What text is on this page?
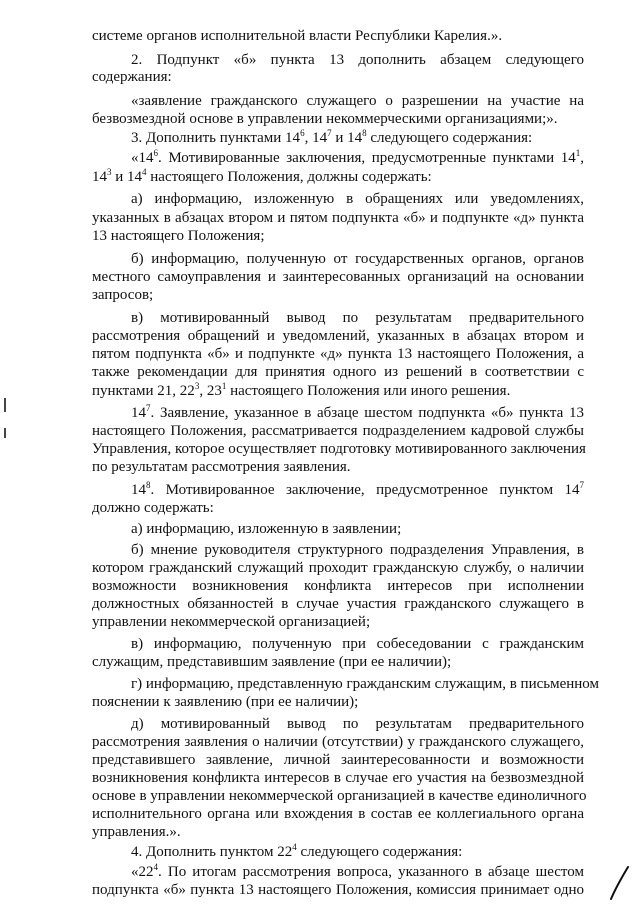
системе органов исполнительной власти Республики Карелия.».
2. Подпункт «б» пункта 13 дополнить абзацем следующего
содержания:
«заявление гражданского служащего о разрешении на участие на
безвозмездной основе в управлении некоммерческими организациями;».
3. Дополнить пунктами $14^6$, $14^7$ и $14^8$ следующего содержания:
«$14^6$. Мотивированные заключения, предусмотренные пунктами $14^1$,
$14^3$ и $14^4$ настоящего Положения, должны содержать:
а) информацию, изложенную в обращениях или уведомлениях,
указанных в абзацах втором и пятом подпункта «б» и подпункте «д» пункта
13 настоящего Положения;
б) информацию, полученную от государственных органов, органов
местного самоуправления и заинтересованных организаций на основании
запросов;
в) мотивированный вывод по результатам предварительного
рассмотрения обращений и уведомлений, указанных в абзацах втором и
пятом подпункта «б» и подпункте «д» пункта 13 настоящего Положения, а
также рекомендации для принятия одного из решений в соответствии с
пунктами 21, $22^3$, $23^1$ настоящего Положения или иного решения.
$14^7$. Заявление, указанное в абзаце шестом подпункта «б» пункта 13
настоящего Положения, рассматривается подразделением кадровой службы
Управления, которое осуществляет подготовку мотивированного заключения
по результатам рассмотрения заявления.
$14^8$. Мотивированное заключение, предусмотренное пунктом $14^7$
должно содержать:
а) информацию, изложенную в заявлении;
б) мнение руководителя структурного подразделения Управления, в
котором гражданский служащий проходит гражданскую службу, о наличии
возможности возникновения конфликта интересов при исполнении
должностных обязанностей в случае участия гражданского служащего в
управлении некоммерческой организацией;
в) информацию, полученную при собеседовании с гражданским
служащим, представившим заявление (при ее наличии);
г) информацию, представленную гражданским служащим, в письменном
пояснении к заявлению (при ее наличии);
д) мотивированный вывод по результатам предварительного
рассмотрения заявления о наличии (отсутствии) у гражданского служащего,
представившего заявление, личной заинтересованности и возможности
возникновения конфликта интересов в случае его участия на безвозмездной
основе в управлении некоммерческой организацией в качестве единоличного
исполнительного органа или вхождения в состав ее коллегиального органа
управления.».
4. Дополнить пунктом $22^4$ следующего содержания:
«$22^4$. По итогам рассмотрения вопроса, указанного в абзаце шестом
подпункта «б» пункта 13 настоящего Положения, комиссия принимает одно
